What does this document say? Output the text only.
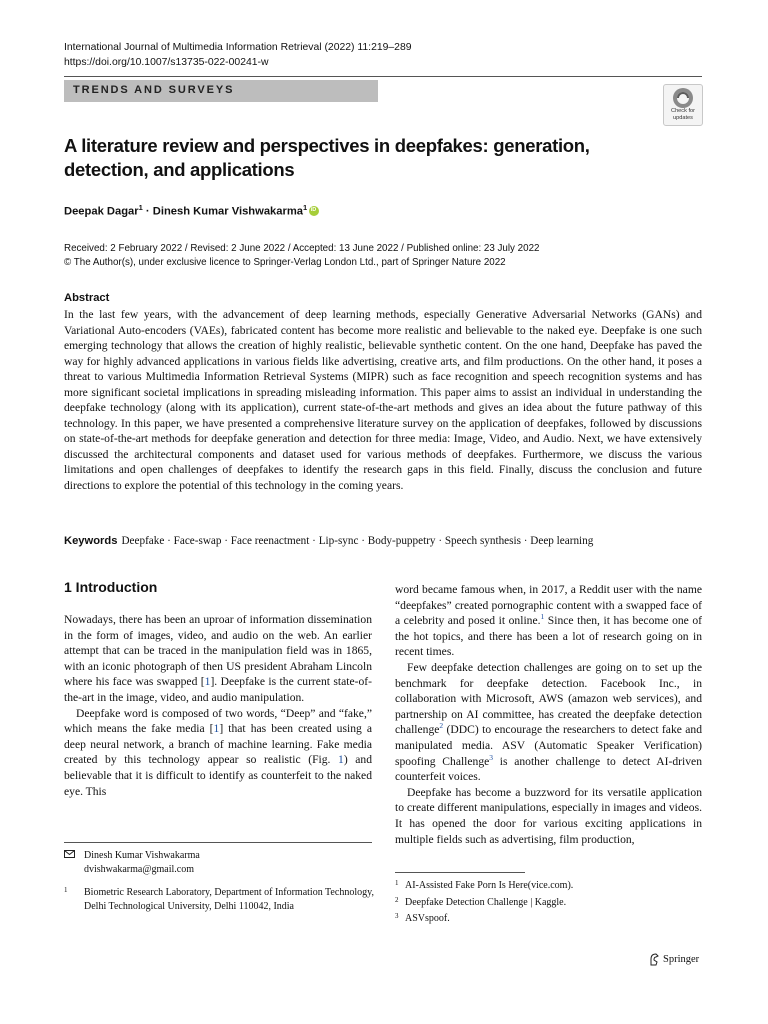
International Journal of Multimedia Information Retrieval (2022) 11:219–289
https://doi.org/10.1007/s13735-022-00241-w
TRENDS AND SURVEYS
Check for
updates
A literature review and perspectives in deepfakes: generation,
detection, and applications
Deepak Dagar$^1$ · Dinesh Kumar Vishwakarma$^1$iD
Received: 2 February 2022 / Revised: 2 June 2022 / Accepted: 13 June 2022 / Published online: 23 July 2022
© The Author(s), under exclusive licence to Springer-Verlag London Ltd., part of Springer Nature 2022
Abstract
In the last few years, with the advancement of deep learning methods, especially Generative Adversarial Networks (GANs) and Variational Auto-encoders (VAEs), fabricated content has become more realistic and believable to the naked eye. Deepfake is one such emerging technology that allows the creation of highly realistic, believable synthetic content. On the one hand, Deepfake has paved the way for highly advanced applications in various fields like advertising, creative arts, and film productions. On the other hand, it poses a threat to various Multimedia Information Retrieval Systems (MIPR) such as face recognition and speech recognition systems and has more significant societal implications in spreading misleading information. This paper aims to assist an individual in understanding the deepfake technology (along with its application), current state-of-the-art methods and gives an idea about the future pathway of this technology. In this paper, we have presented a comprehensive literature survey on the application of deepfakes, followed by discussions on state-of-the-art methods for deepfake generation and detection for three media: Image, Video, and Audio. Next, we have extensively discussed the architectural components and dataset used for various methods of deepfakes. Furthermore, we discuss the various limitations and open challenges of deepfakes to identify the research gaps in this field. Finally, discuss the conclusion and future directions to explore the potential of this technology in the coming years.
Keywords Deepfake · Face-swap · Face reenactment · Lip-sync · Body-puppetry · Speech synthesis · Deep learning
1 Introduction

Nowadays, there has been an uproar of information dissemination in the form of images, video, and audio on the web. An earlier attempt that can be traced in the manipulation field was in 1865, with an iconic photograph of then US president Abraham Lincoln where his face was swapped [1]. Deepfake is the current state-of-the-art in the image, video, and audio manipulation.

Deepfake word is composed of two words, “Deep” and “fake,” which means the fake media [1] that has been created using a deep neural network, a branch of machine learning. Fake media created by this technology appear so realistic (Fig. 1) and believable that it is difficult to identify as counterfeit to the naked eye. This

word became famous when, in 2017, a Reddit user with the name “deepfakes” created pornographic content with a swapped face of a celebrity and posed it online.$^1$ Since then, it has become one of the hot topics, and there has been a lot of research going on in recent times.

Few deepfake detection challenges are going on to set up the benchmark for deepfake detection. Facebook Inc., in collaboration with Microsoft, AWS (amazon web services), and partnership on AI committee, has created the deepfake detection challenge$^2$ (DDC) to encourage the researchers to detect fake and manipulated media. ASV (Automatic Speaker Verification) spoofing Challenge$^3$ is another challenge to detect AI-driven counterfeit voices.

Deepfake has become a buzzword for its versatile application to create different manipulations, especially in images and videos. It has opened the door for various exciting applications in multiple fields such as advertising, film production,

Dinesh Kumar Vishwakarma
dvishwakarma@gmail.com
1 Biometric Research Laboratory, Department of Information Technology, Delhi Technological University, Delhi 110042, India
1 AI-Assisted Fake Porn Is Here(vice.com).
2 Deepfake Detection Challenge | Kaggle.
3 ASVspoof.
Springer
